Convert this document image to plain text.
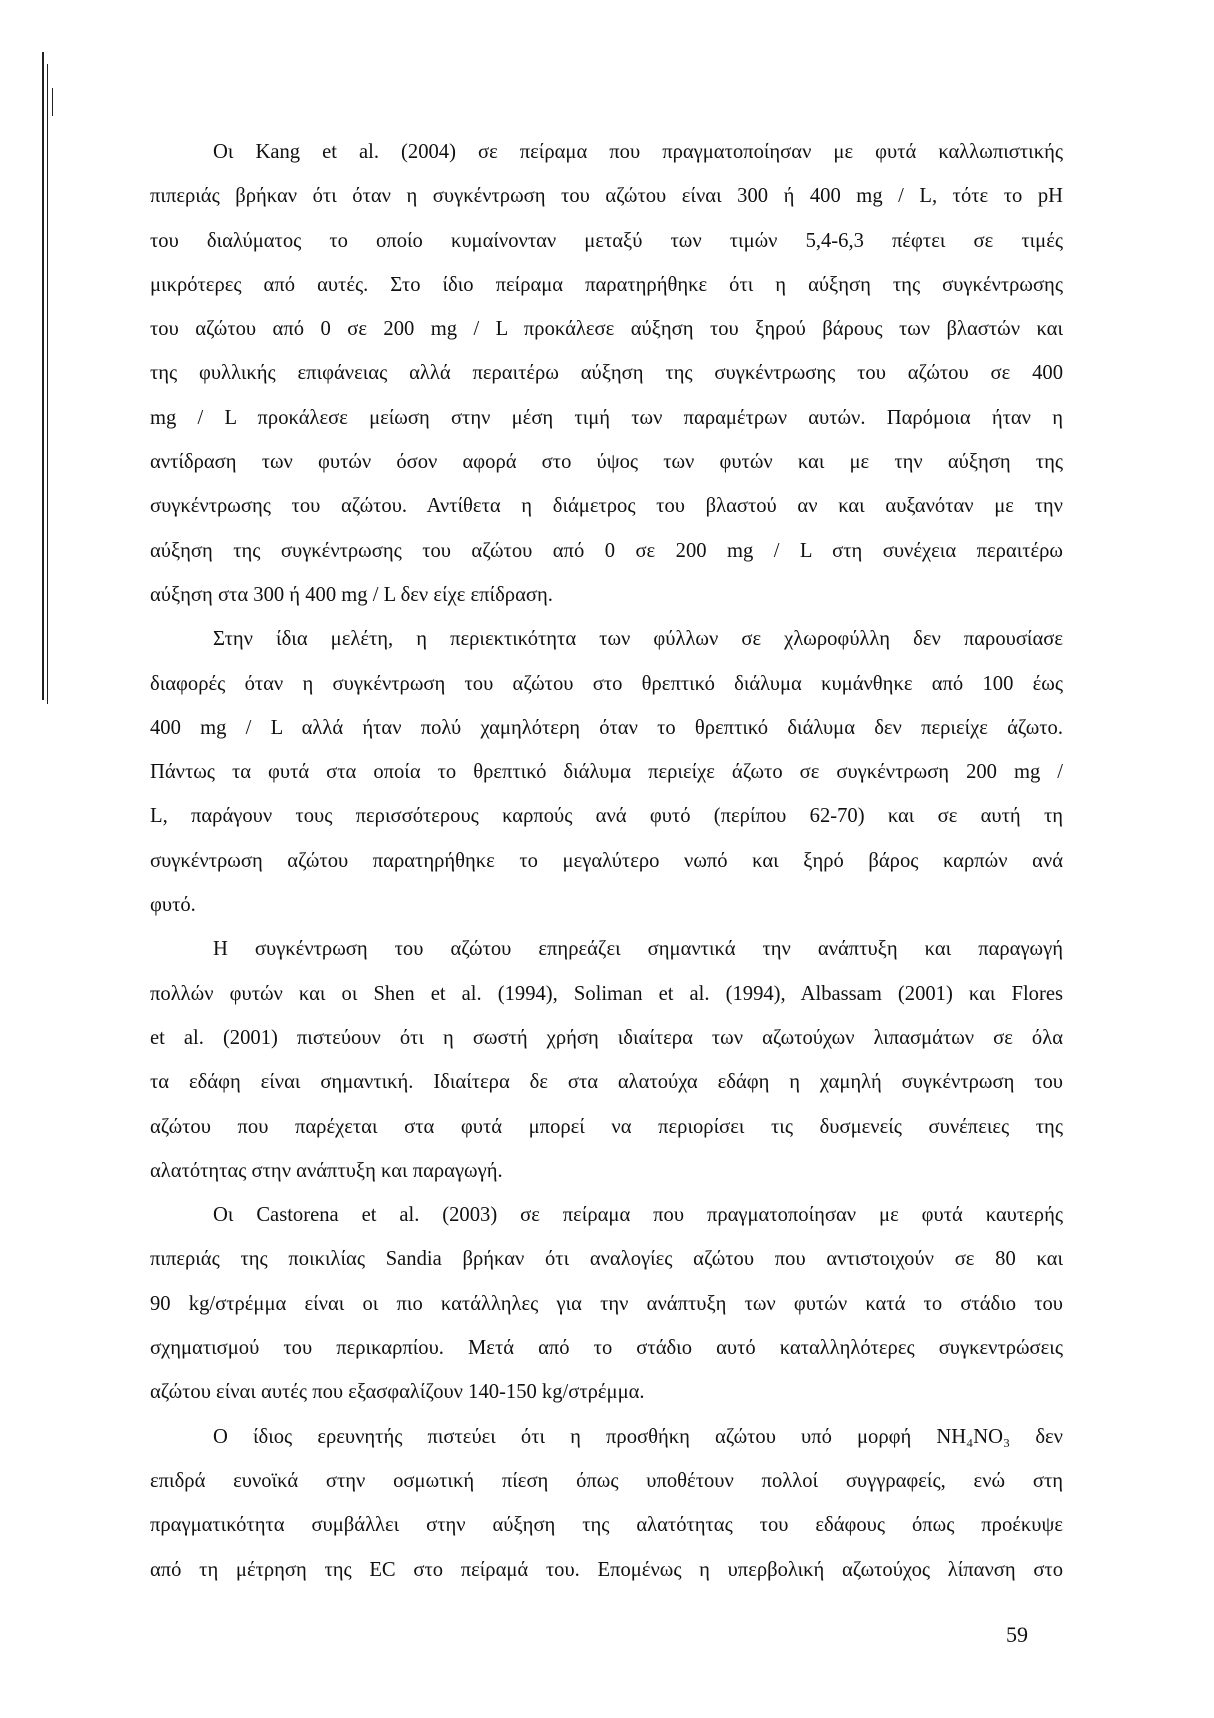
Οι Kang et al. (2004) σε πείραμα που πραγματοποίησαν με φυτά καλλωπιστικής
πιπεριάς βρήκαν ότι όταν η συγκέντρωση του αζώτου είναι 300 ή 400 mg / L, τότε το pH
του διαλύματος το οποίο κυμαίνονταν μεταξύ των τιμών 5,4-6,3 πέφτει σε τιμές
μικρότερες από αυτές. Στο ίδιο πείραμα παρατηρήθηκε ότι η αύξηση της συγκέντρωσης
του αζώτου από 0 σε 200 mg / L προκάλεσε αύξηση του ξηρού βάρους των βλαστών και
της φυλλικής επιφάνειας αλλά περαιτέρω αύξηση της συγκέντρωσης του αζώτου σε 400
mg / L προκάλεσε μείωση στην μέση τιμή των παραμέτρων αυτών. Παρόμοια ήταν η
αντίδραση των φυτών όσον αφορά στο ύψος των φυτών και με την αύξηση της
συγκέντρωσης του αζώτου. Αντίθετα η διάμετρος του βλαστού αν και αυξανόταν με την
αύξηση της συγκέντρωσης του αζώτου από 0 σε 200 mg / L στη συνέχεια περαιτέρω
αύξηση στα 300 ή 400 mg / L δεν είχε επίδραση.
Στην ίδια μελέτη, η περιεκτικότητα των φύλλων σε χλωροφύλλη δεν παρουσίασε
διαφορές όταν η συγκέντρωση του αζώτου στο θρεπτικό διάλυμα κυμάνθηκε από 100 έως
400 mg / L αλλά ήταν πολύ χαμηλότερη όταν το θρεπτικό διάλυμα δεν περιείχε άζωτο.
Πάντως τα φυτά στα οποία το θρεπτικό διάλυμα περιείχε άζωτο σε συγκέντρωση 200 mg /
L, παράγουν τους περισσότερους καρπούς ανά φυτό (περίπου 62-70) και σε αυτή τη
συγκέντρωση αζώτου παρατηρήθηκε το μεγαλύτερο νωπό και ξηρό βάρος καρπών ανά
φυτό.
Η συγκέντρωση του αζώτου επηρεάζει σημαντικά την ανάπτυξη και παραγωγή
πολλών φυτών και οι Shen et al. (1994), Soliman et al. (1994), Albassam (2001) και Flores
et al. (2001) πιστεύουν ότι η σωστή χρήση ιδιαίτερα των αζωτούχων λιπασμάτων σε όλα
τα εδάφη είναι σημαντική. Ιδιαίτερα δε στα αλατούχα εδάφη η χαμηλή συγκέντρωση του
αζώτου που παρέχεται στα φυτά μπορεί να περιορίσει τις δυσμενείς συνέπειες της
αλατότητας στην ανάπτυξη και παραγωγή.
Οι Castorena et al. (2003) σε πείραμα που πραγματοποίησαν με φυτά καυτερής
πιπεριάς της ποικιλίας Sandia βρήκαν ότι αναλογίες αζώτου που αντιστοιχούν σε 80 και
90 kg/στρέμμα είναι οι πιο κατάλληλες για την ανάπτυξη των φυτών κατά το στάδιο του
σχηματισμού του περικαρπίου. Μετά από το στάδιο αυτό καταλληλότερες συγκεντρώσεις
αζώτου είναι αυτές που εξασφαλίζουν 140-150 kg/στρέμμα.
Ο ίδιος ερευνητής πιστεύει ότι η προσθήκη αζώτου υπό μορφή NH₄NO₃ δεν
επιδρά ευνοϊκά στην οσμωτική πίεση όπως υποθέτουν πολλοί συγγραφείς, ενώ στη
πραγματικότητα συμβάλλει στην αύξηση της αλατότητας του εδάφους όπως προέκυψε
από τη μέτρηση της EC στο πείραμά του. Επομένως η υπερβολική αζωτούχος λίπανση στο
59
